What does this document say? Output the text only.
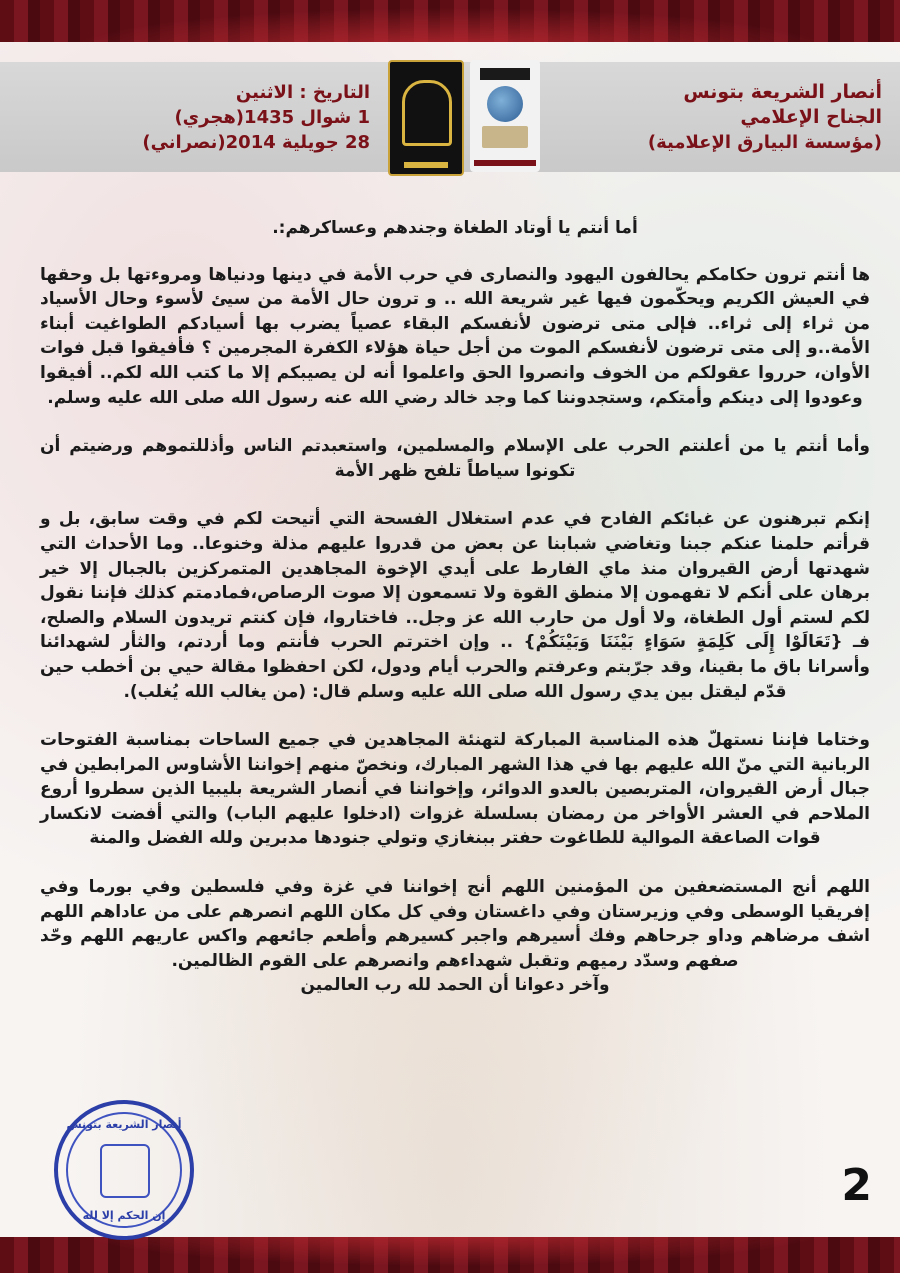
أنصار الشريعة بتونس
الجناح الإعلامي
(مؤسسة البيارق الإعلامية)
التاريخ : الاثنين
1 شوال 1435(هجري)
28 جويلية 2014(نصراني)

أما أنتم يا أوتاد الطغاة وجندهم وعساكرهم:.

ها أنتم ترون حكامكم يحالفون اليهود والنصارى في حرب الأمة في دينها ودنياها ومروءتها بل وحقها في العيش الكريم ويحكّمون فيها غير شريعة الله .. و ترون حال الأمة من سيئ لأسوء وحال الأسياد من ثراء إلى ثراء.. فإلى متى ترضون لأنفسكم البقاء عصياً يضرب بها أسيادكم الطواغيت أبناء الأمة..و إلى متى ترضون لأنفسكم الموت من أجل حياة هؤلاء الكفرة المجرمين ؟ فأفيقوا قبل فوات الأوان، حرروا عقولكم من الخوف وانصروا الحق واعلموا أنه لن يصيبكم إلا ما كتب الله لكم.. أفيقوا وعودوا إلى دينكم وأمتكم، وستجدوننا كما وجد خالد رضي الله عنه رسول الله صلى الله عليه وسلم.

وأما أنتم يا من أعلنتم الحرب على الإسلام والمسلمين، واستعبدتم الناس وأذللتموهم ورضيتم أن تكونوا سياطاً تلفح ظهر الأمة

إنكم تبرهنون عن غبائكم الفادح في عدم استغلال الفسحة التي أتيحت لكم في وقت سابق، بل و قرأتم حلمنا عنكم جبنا وتغاضي شبابنا عن بعض من قدروا عليهم مذلة وخنوعا.. وما الأحداث التي شهدتها أرض القيروان منذ ماي الفارط على أيدي الإخوة المجاهدين المتمركزين بالجبال إلا خير برهان على أنكم لا تفهمون إلا منطق القوة ولا تسمعون إلا صوت الرصاص،فمادمتم كذلك فإننا نقول لكم لستم أول الطغاة، ولا أول من حارب الله عز وجل.. فاختاروا، فإن كنتم تريدون السلام والصلح، فـ {تَعَالَوْا إِلَى كَلِمَةٍ سَوَاءٍ بَيْنَنَا وَبَيْنَكُمْ} .. وإن اخترتم الحرب فأنتم وما أردتم، والثأر لشهدائنا وأسرانا باق ما بقينا، وقد جرّبتم وعرفتم والحرب أيام ودول، لكن احفظوا مقالة حيي بن أخطب حين قدّم ليقتل بين يدي رسول الله صلى الله عليه وسلم قال: (من يغالب الله يُغلب).

وختاما فإننا نستهلّ هذه المناسبة المباركة لتهنئة المجاهدين في جميع الساحات بمناسبة الفتوحات الربانية التي منّ الله عليهم بها في هذا الشهر المبارك، ونخصّ منهم إخواننا الأشاوس المرابطين في جبال أرض القيروان، المتربصين بالعدو الدوائر، وإخواننا في أنصار الشريعة بليبيا الذين سطروا أروع الملاحم في العشر الأواخر من رمضان بسلسلة غزوات (ادخلوا عليهم الباب) والتي أفضت لانكسار قوات الصاعقة الموالية للطاغوت حفتر ببنغازي وتولي جنودها مدبرين ولله الفضل والمنة

اللهم أنج المستضعفين من المؤمنين اللهم أنج إخواننا في غزة وفي فلسطين وفي بورما وفي إفريقيا الوسطى وفي وزيرستان وفي داغستان وفي كل مكان اللهم انصرهم على من عاداهم اللهم اشف مرضاهم وداو جرحاهم وفك أسيرهم واجبر كسيرهم وأطعم جائعهم واكس عاريهم اللهم وحّد صفهم وسدّد رميهم وتقبل شهداءهم وانصرهم على القوم الظالمين.

وآخر دعوانا أن الحمد لله رب العالمين

أنصار الشريعة بتونس
إن الحكم إلا لله
2
